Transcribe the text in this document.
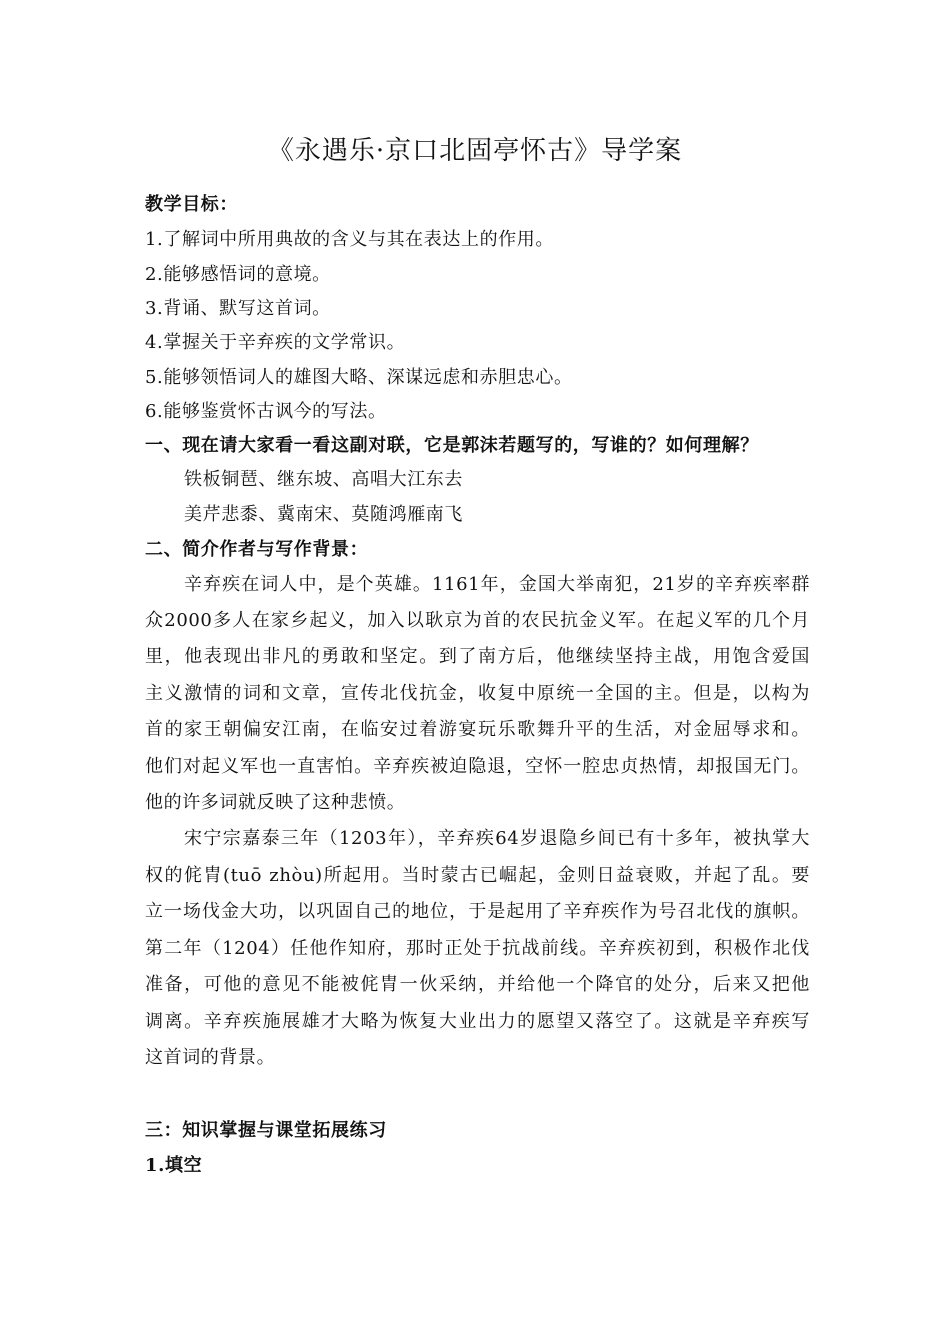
《永遇乐·京口北固亭怀古》导学案
教学目标：
1.了解词中所用典故的含义与其在表达上的作用。
2.能够感悟词的意境。
3.背诵、默写这首词。
4.掌握关于辛弃疾的文学常识。
5.能够领悟词人的雄图大略、深谋远虑和赤胆忠心。
6.能够鉴赏怀古讽今的写法。
一、现在请大家看一看这副对联，它是郭沫若题写的，写谁的？如何理解？
铁板铜琶、继东坡、高唱大江东去
美芹悲黍、冀南宋、莫随鸿雁南飞
二、简介作者与写作背景：
辛弃疾在词人中，是个英雄。1161年，金国大举南犯，21岁的辛弃疾率群
众2000多人在家乡起义，加入以耿京为首的农民抗金义军。在起义军的几个月
里，他表现出非凡的勇敢和坚定。到了南方后，他继续坚持主战，用饱含爱国
主义激情的词和文章，宣传北伐抗金，收复中原统一全国的主。但是，以构为
首的家王朝偏安江南，在临安过着游宴玩乐歌舞升平的生活，对金屈辱求和。
他们对起义军也一直害怕。辛弃疾被迫隐退，空怀一腔忠贞热情，却报国无门。
他的许多词就反映了这种悲愤。
宋宁宗嘉泰三年（1203年），辛弃疾64岁退隐乡间已有十多年，被执掌大
权的侂胄(tuō zhòu)所起用。当时蒙古已崛起，金则日益衰败，并起了乱。要
立一场伐金大功，以巩固自己的地位，于是起用了辛弃疾作为号召北伐的旗帜。
第二年（1204）任他作知府，那时正处于抗战前线。辛弃疾初到，积极作北伐
准备，可他的意见不能被侂胄一伙采纳，并给他一个降官的处分，后来又把他
调离。辛弃疾施展雄才大略为恢复大业出力的愿望又落空了。这就是辛弃疾写
这首词的背景。
三：知识掌握与课堂拓展练习
1.填空
